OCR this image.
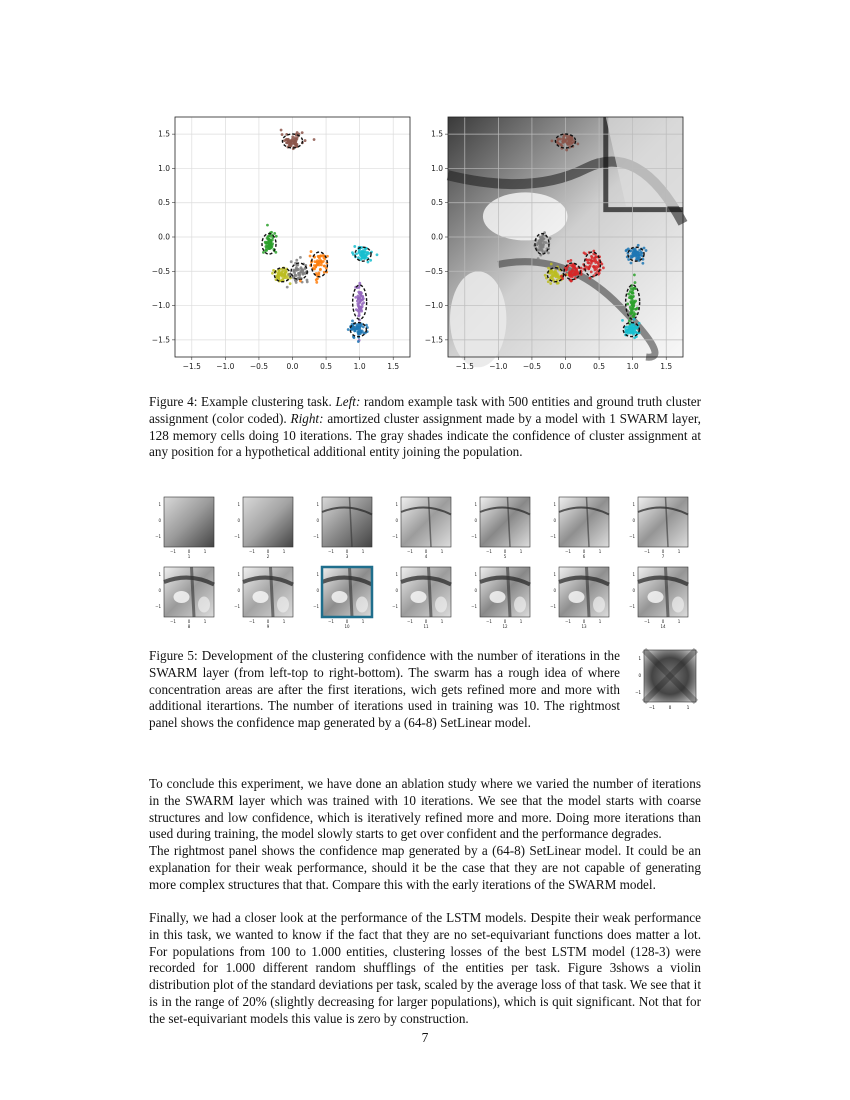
−1.5 −1.0 −0.5 0.0	0.5	1.0	1.5
1.5
1.0
0.5
0.0
−0.5
−1.0
−1.5
−1.5 −1.0 −0.5 0.0	0.5	1.0	1.5
1.5
1.0
0.5
0.0
−0.5
−1.0
−1.5

Figure 4: Example clustering task. Left: random example task with 500 entities and ground truth cluster assignment (color coded). Right: amortized cluster assignment made by a model with 1 SWARM layer, 128 memory cells doing 10 iterations. The gray shades indicate the confidence of cluster assignment at any position for a hypothetical additional entity joining the population.

1
0
−1
−1	0	1
1
1
0
−1
−1	0	1
2
1
0
−1
−1	0	1
3
1
0
−1
−1	0	1
4
1
0
−1
−1	0	1
5
1
0
−1
−1	0	1
6
1
0
−1
−1	0	1
7
1
0
−1
−1	0	1
8
1
0
−1
−1	0	1
9
1
0
−1
−1	0	1
10
1
0
−1
−1	0	1
11
1
0
−1
−1	0	1
12
1
0
−1
−1	0	1
13
1
0
−1
−1	0	1
14

Figure 5: Development of the clustering confidence with the number of iterations in the SWARM layer (from left-top to right-bottom). The swarm has a rough idea of where concentration areas are after the first iterations, wich gets refined more and more with additional iterartions. The number of iterations used in training was 10. The rightmost panel shows the confidence map generated by a (64-8) SetLinear model.

1
0
−1
−1	0	1

To conclude this experiment, we have done an ablation study where we varied the number of iterations in the SWARM layer which was trained with 10 iterations. We see that the model starts with coarse structures and low confidence, which is iteratively refined more and more. Doing more iterations than used during training, the model slowly starts to get over confident and the performance degrades.

The rightmost panel shows the confidence map generated by a (64-8) SetLinear model. It could be an explanation for their weak performance, should it be the case that they are not capable of generating more complex structures that that. Compare this with the early iterations of the SWARM model.

Finally, we had a closer look at the performance of the LSTM models. Despite their weak performance in this task, we wanted to know if the fact that they are no set-equivariant functions does matter a lot. For populations from 100 to 1.000 entities, clustering losses of the best LSTM model (128-3) were recorded for 1.000 different random shufflings of the entities per task. Figure 3shows a violin distribution plot of the standard deviations per task, scaled by the average loss of that task. We see that it is in the range of 20% (slightly decreasing for larger populations), which is quit significant. Not that for the set-equivariant models this value is zero by construction.

7
